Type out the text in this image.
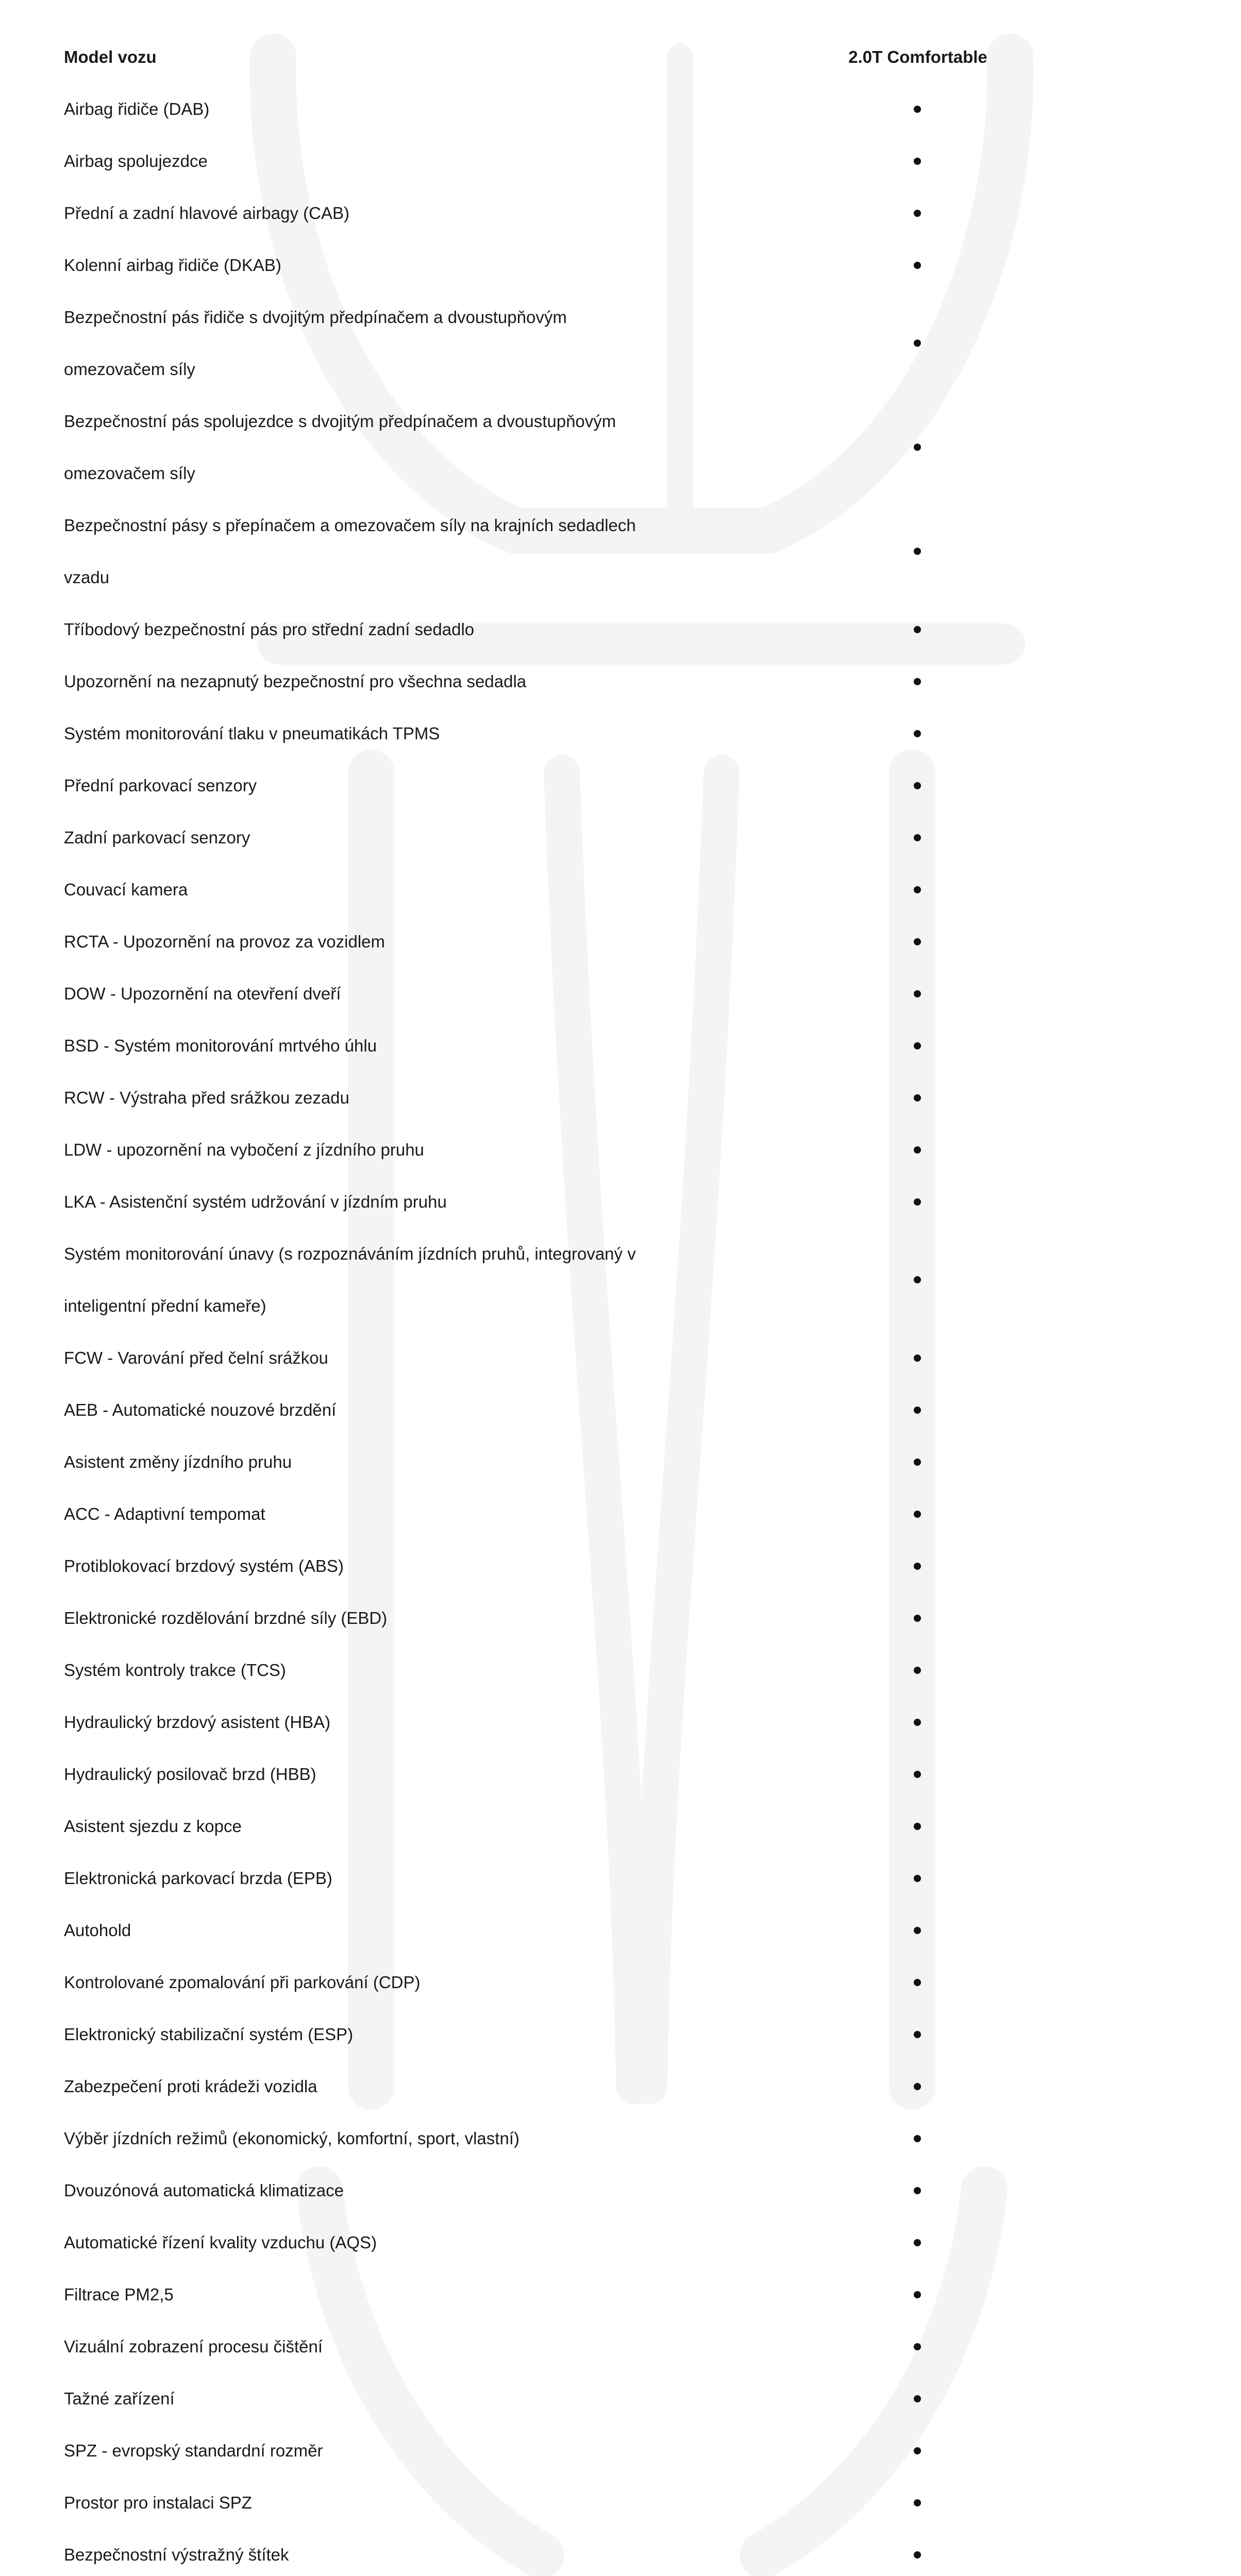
Model vozu	2.0T Comfortable
Airbag řidiče (DAB)
Airbag spolujezdce
Přední a zadní hlavové airbagy (CAB)
Kolenní airbag řidiče (DKAB)
Bezpečnostní pás řidiče s dvojitým předpínačem a dvoustupňovým omezovačem síly
Bezpečnostní pás spolujezdce s dvojitým předpínačem a dvoustupňovým omezovačem síly
Bezpečnostní pásy s přepínačem a omezovačem síly na krajních sedadlech vzadu
Tříbodový bezpečnostní pás pro střední zadní sedadlo
Upozornění na nezapnutý bezpečnostní pro všechna sedadla
Systém monitorování tlaku v pneumatikách TPMS
Přední parkovací senzory
Zadní parkovací senzory
Couvací kamera
RCTA - Upozornění na provoz za vozidlem
DOW - Upozornění na otevření dveří
BSD - Systém monitorování mrtvého úhlu
RCW - Výstraha před srážkou zezadu
LDW - upozornění na vybočení z jízdního pruhu
LKA - Asistenční systém udržování v jízdním pruhu
Systém monitorování únavy (s rozpoznáváním jízdních pruhů, integrovaný v inteligentní přední kameře)
FCW - Varování před čelní srážkou
AEB - Automatické nouzové brzdění
Asistent změny jízdního pruhu
ACC - Adaptivní tempomat
Protiblokovací brzdový systém (ABS)
Elektronické rozdělování brzdné síly (EBD)
Systém kontroly trakce (TCS)
Hydraulický brzdový asistent (HBA)
Hydraulický posilovač brzd (HBB)
Asistent sjezdu z kopce
Elektronická parkovací brzda (EPB)
Autohold
Kontrolované zpomalování při parkování (CDP)
Elektronický stabilizační systém (ESP)
Zabezpečení proti krádeži vozidla
Výběr jízdních režimů (ekonomický, komfortní, sport, vlastní)
Dvouzónová automatická klimatizace
Automatické řízení kvality vzduchu (AQS)
Filtrace PM2,5
Vizuální zobrazení procesu čištění
Tažné zařízení
SPZ - evropský standardní rozměr
Prostor pro instalaci SPZ
Bezpečnostní výstražný štítek
